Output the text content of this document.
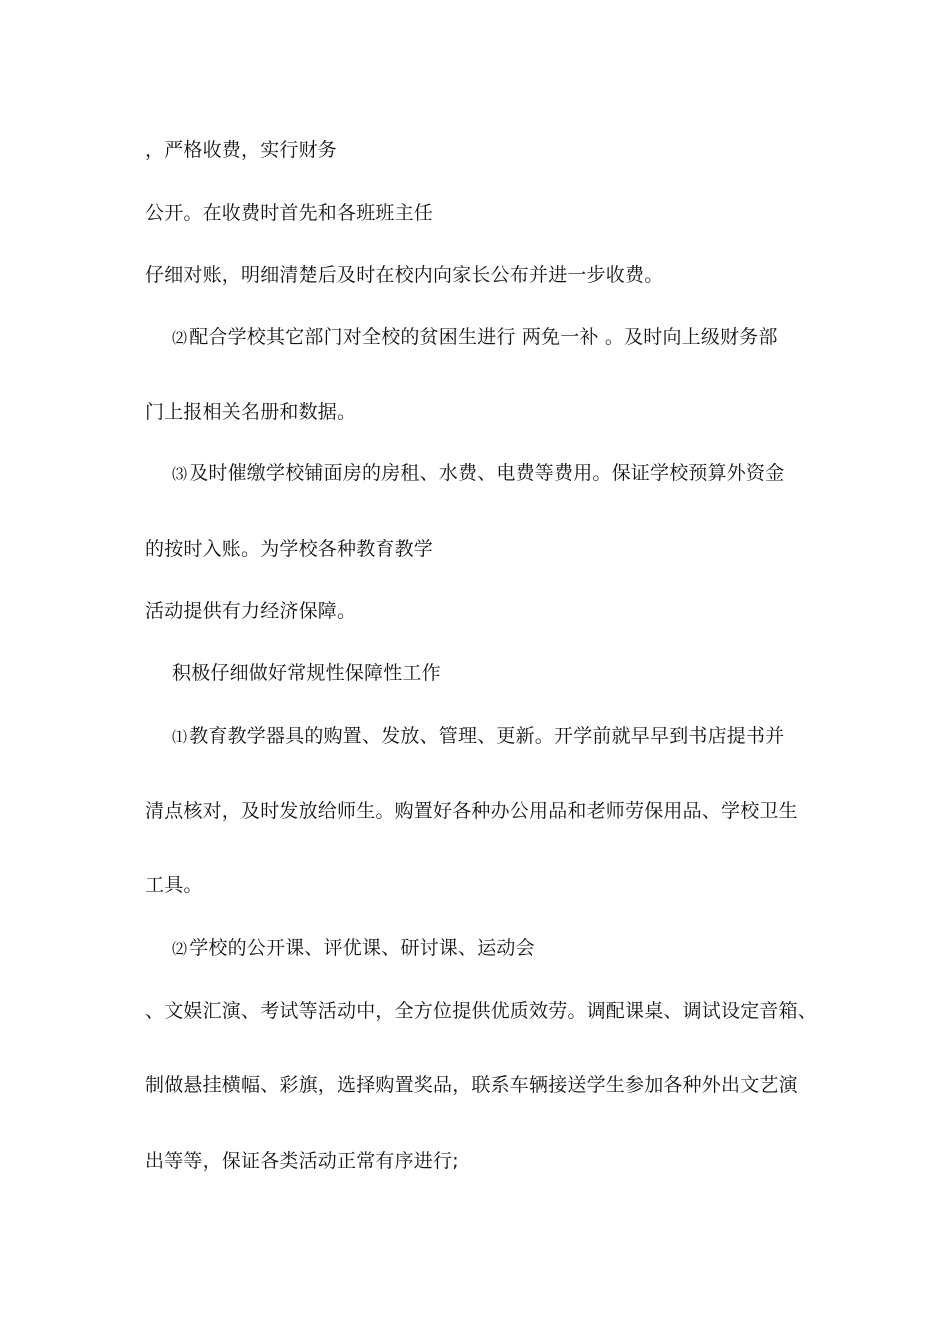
，严格收费，实行财务
公开。在收费时首先和各班班主任
仔细对账，明细清楚后及时在校内向家长公布并进一步收费。
⑵ 配合学校其它部门对全校的贫困生进行 两免一补 。及时向上级财务部
门上报相关名册和数据。
⑶ 及时催缴学校铺面房的房租、水费、电费等费用。保证学校预算外资金
的按时入账。为学校各种教育教学
活动提供有力经济保障。
积极仔细做好常规性保障性工作
⑴ 教育教学器具的购置、发放、管理、更新。开学前就早早到书店提书并
清点核对，及时发放给师生。购置好各种办公用品和老师劳保用品、学校卫生
工具。
⑵ 学校的公开课、评优课、研讨课、运动会
、文娱汇演、考试等活动中，全方位提供优质效劳。调配课桌、调试设定音箱、
制做悬挂横幅、彩旗，选择购置奖品，联系车辆接送学生参加各种外出文艺演
出等等，保证各类活动正常有序进行;
